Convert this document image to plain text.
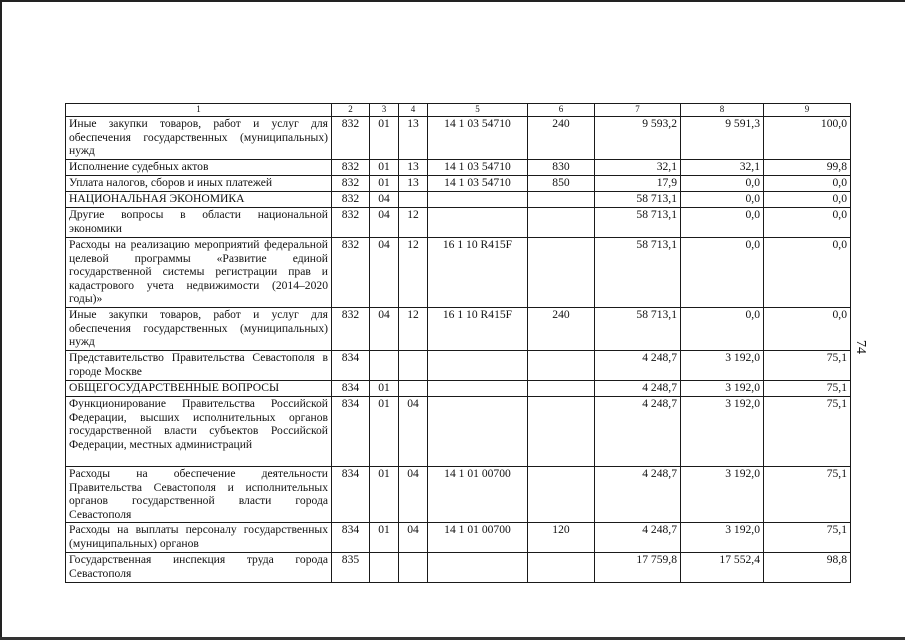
1	2	3	4	5	6	7	8	9
Иные закупки товаров, работ и услуг для обеспечения государственных (муниципальных) нужд	832	01	13	14 1 03 54710	240	9 593,2	9 591,3	100,0
Исполнение судебных актов	832	01	13	14 1 03 54710	830	32,1	32,1	99,8
Уплата налогов, сборов и иных платежей	832	01	13	14 1 03 54710	850	17,9	0,0	0,0
НАЦИОНАЛЬНАЯ ЭКОНОМИКА	832	04				58 713,1	0,0	0,0
Другие вопросы в области национальной экономики	832	04	12			58 713,1	0,0	0,0
Расходы на реализацию мероприятий федеральной целевой программы «Развитие единой государственной системы регистрации прав и кадастрового учета недвижимости (2014–2020 годы)»	832	04	12	16 1 10 R415F		58 713,1	0,0	0,0
Иные закупки товаров, работ и услуг для обеспечения государственных (муниципальных) нужд	832	04	12	16 1 10 R415F	240	58 713,1	0,0	0,0
Представительство Правительства Севастополя в городе Москве	834					4 248,7	3 192,0	75,1
ОБЩЕГОСУДАРСТВЕННЫЕ ВОПРОСЫ	834	01				4 248,7	3 192,0	75,1
Функционирование Правительства Российской Федерации, высших исполнительных органов государственной власти субъектов Российской Федерации, местных администраций	834	01	04			4 248,7	3 192,0	75,1
Расходы на обеспечение деятельности Правительства Севастополя и исполнительных органов государственной власти города Севастополя	834	01	04	14 1 01 00700		4 248,7	3 192,0	75,1
Расходы на выплаты персоналу государственных (муниципальных) органов	834	01	04	14 1 01 00700	120	4 248,7	3 192,0	75,1
Государственная инспекция труда города Севастополя	835					17 759,8	17 552,4	98,8
74
